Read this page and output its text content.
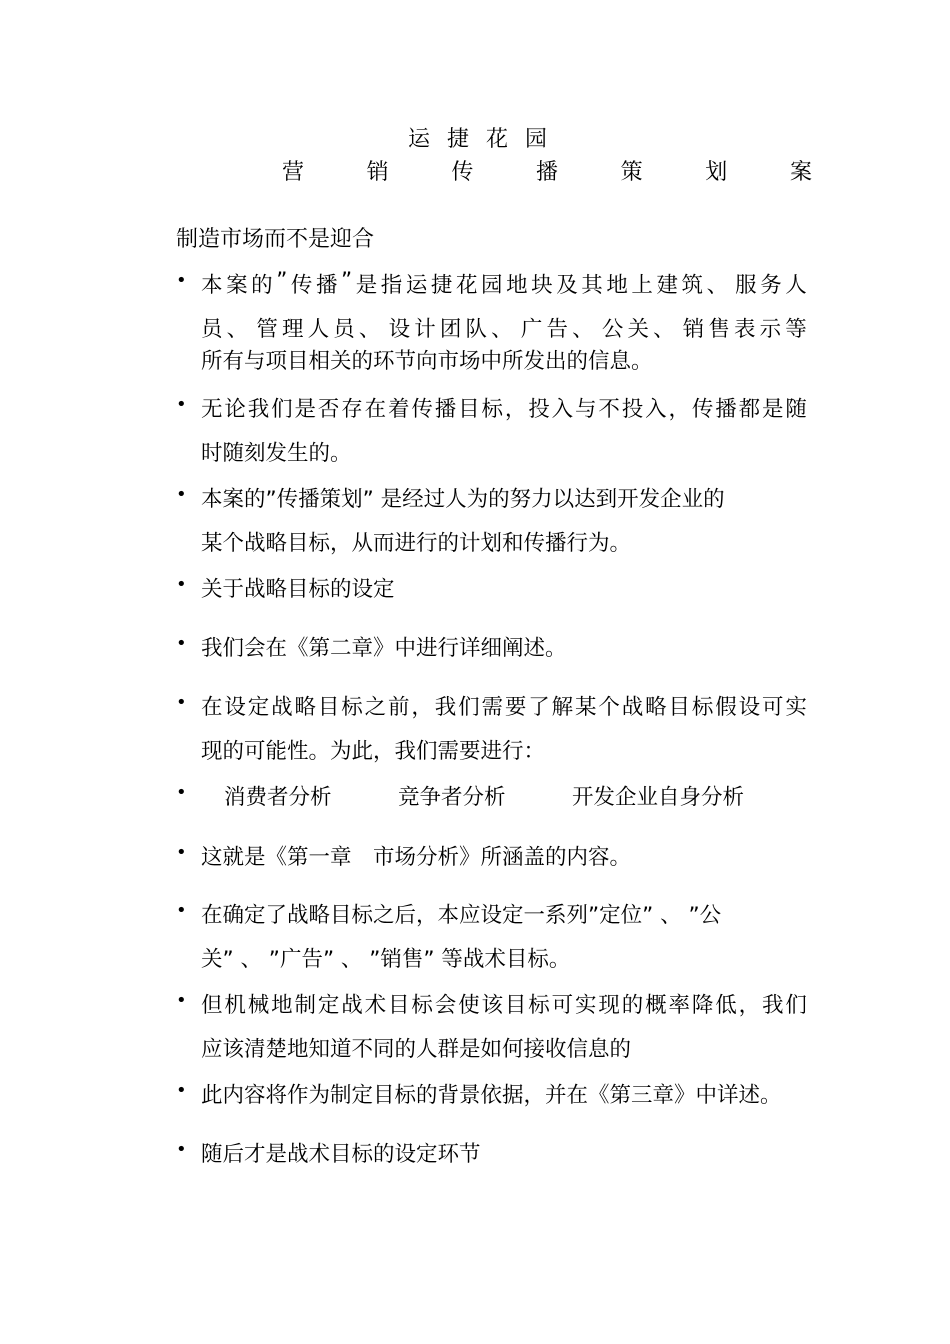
运捷花园
营	销	传	播	策	划	案
制造市场而不是迎合
• 本 案 的 ” 传 播 ” 是 指 运 捷 花 园 地 块 及 其 地 上 建 筑 、 服 务 人
员 、 管 理 人 员 、 设 计 团 队 、 广 告 、 公 关 、 销 售 表 示 等
所有与项目相关的环节向市场中所发出的信息。
• 无 论 我 们 是 否 存 在 着 传 播 目 标 ， 投 入 与 不 投 入 ， 传 播 都 是 随
时随刻发生的。
• 本案的”传播策划” 是经过人为的努力以达到开发企业的
某个战略目标，从而进行的计划和传播行为。
• 关于战略目标的设定
• 我们会在《第二章》中进行详细阐述。
• 在 设 定 战 略 目 标 之 前 ， 我 们 需 要 了 解 某 个 战 略 目 标 假 设 可 实
现的可能性。为此，我们需要进行：
• 消费者分析	竞争者分析	开发企业自身分析
• 这就是《第一章　市场分析》所涵盖的内容。
• 在确定了战略目标之后，本应设定一系列”定位” 、 ”公
关” 、 ”广告” 、 ”销售” 等战术目标。
• 但 机 械 地 制 定 战 术 目 标 会 使 该 目 标 可 实 现 的 概 率 降 低 ， 我 们
应该清楚地知道不同的人群是如何接收信息的
• 此内容将作为制定目标的背景依据，并在《第三章》中详述。
• 随后才是战术目标的设定环节
